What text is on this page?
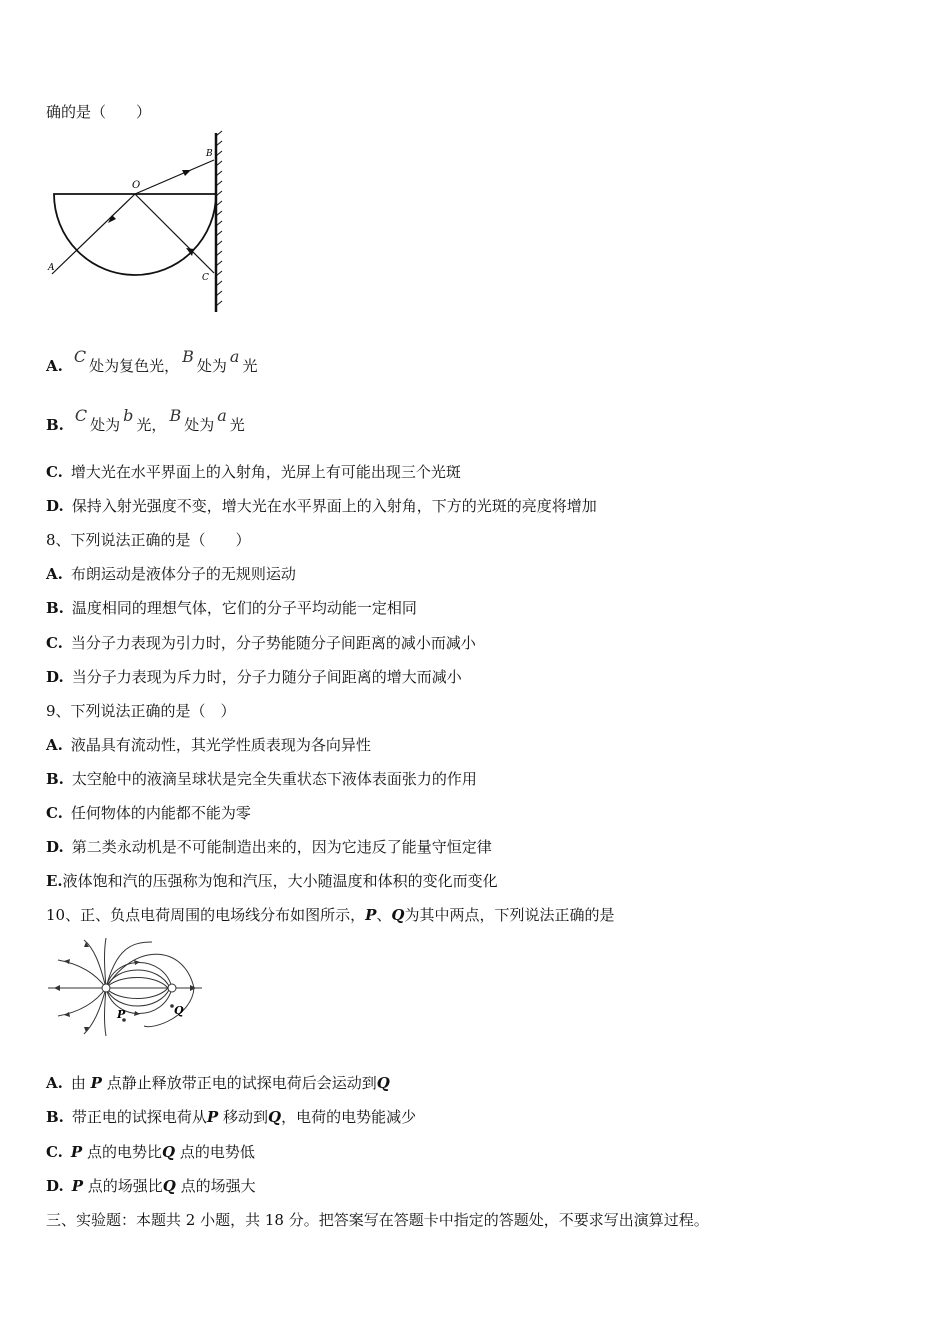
确的是（　　）
O
B
A
C
A. C 处为复色光， B 处为 a 光
B. C 处为 b 光， B 处为 a 光
C. 增大光在水平界面上的入射角，光屏上有可能出现三个光斑
D. 保持入射光强度不变，增大光在水平界面上的入射角，下方的光斑的亮度将增加
8、下列说法正确的是（　　）
A. 布朗运动是液体分子的无规则运动
B. 温度相同的理想气体，它们的分子平均动能一定相同
C. 当分子力表现为引力时，分子势能随分子间距离的减小而减小
D. 当分子力表现为斥力时，分子力随分子间距离的增大而减小
9、下列说法正确的是（　）
A. 液晶具有流动性，其光学性质表现为各向异性
B. 太空舱中的液滴呈球状是完全失重状态下液体表面张力的作用
C. 任何物体的内能都不能为零
D. 第二类永动机是不可能制造出来的，因为它违反了能量守恒定律
E.液体饱和汽的压强称为饱和汽压，大小随温度和体积的变化而变化
10、正、负点电荷周围的电场线分布如图所示，P、Q为其中两点，下列说法正确的是
P	Q
A. 由 P 点静止释放带正电的试探电荷后会运动到Q
B. 带正电的试探电荷从P 移动到Q，电荷的电势能减少
C. P 点的电势比Q 点的电势低
D. P 点的场强比Q 点的场强大
三、实验题：本题共 2 小题，共 18 分。把答案写在答题卡中指定的答题处，不要求写出演算过程。
